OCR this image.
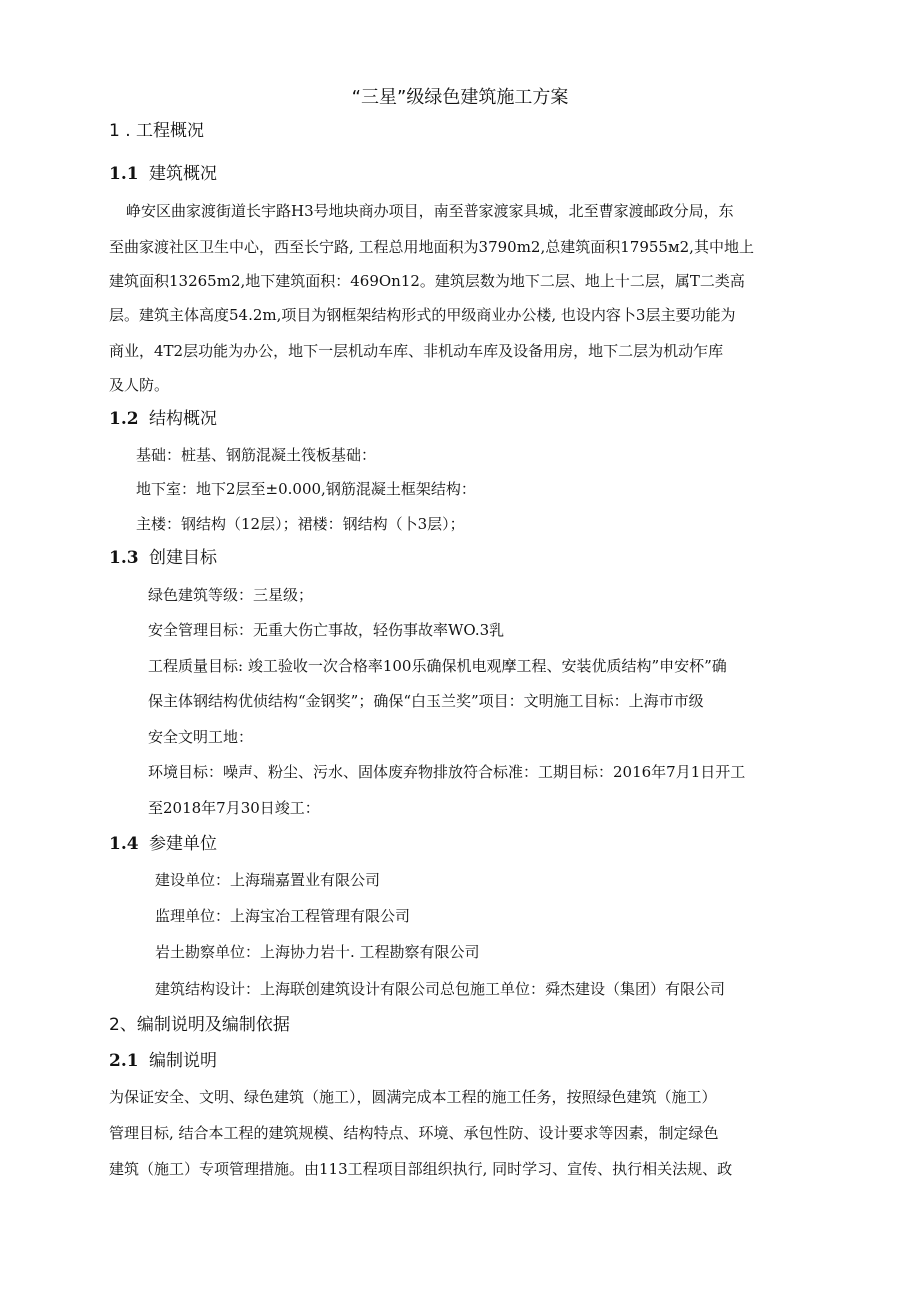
“三星”级绿色建筑施工方案
1 . 工程概况
1.1 建筑概况
峥安区曲家渡街道长宇路H3号地块商办项目，南至普家渡家具城，北至曹家渡邮政分局，东
至曲家渡社区卫生中心，西至长宁路, 工程总用地面积为3790m2,总建筑面积17955м2,其中地上
建筑面积13265m2,地下建筑面积：469On12。建筑层数为地下二层、地上十二层，属T二类高
层。建筑主体高度54.2m,项目为钢框架结构形式的甲级商业办公楼, 也设内容卜3层主要功能为
商业，4T2层功能为办公，地下一层机动车库、非机动车库及设备用房，地下二层为机动乍库
及人防。
1.2 结构概况
基础：桩基、钢筋混凝土筏板基础：
地下室：地下2层至±0.000,钢筋混凝土框架结构：
主楼：钢结构（12层）；裙楼：钢结构（卜3层）；
1.3 创建目标
绿色建筑等级：三星级；
安全管理目标：无重大伤亡事故，轻伤事故率WO.3乳
工程质量目标: 竣工验收一次合格率100乐确保机电观摩工程、安装优质结构”申安杯”确
保主体钢结构优侦结构“金钢奖”；确保“白玉兰奖”项目：文明施工目标：上海市市级
安全文明工地：
环境目标：噪声、粉尘、污水、固体废弃物排放符合标准：工期目标：2016年7月1日开工
至2018年7月30日竣工：
1.4 参建单位
建设单位：上海瑞嘉置业有限公司
监理单位：上海宝冶工程管理有限公司
岩土勘察单位：上海协力岩十. 工程勘察有限公司
建筑结构设计：上海联创建筑设计有限公司总包施工单位：舜杰建设（集团）有限公司
2、编制说明及编制依据
2.1 编制说明
为保证安全、文明、绿色建筑（施工），圆满完成本工程的施工任务，按照绿色建筑（施工）
管理目标, 结合本工程的建筑规模、结构特点、环境、承包性防、设计要求等因素，制定绿色
建筑（施工）专项管理措施。由113工程项目部组织执行, 同时学习、宣传、执行相关法规、政
